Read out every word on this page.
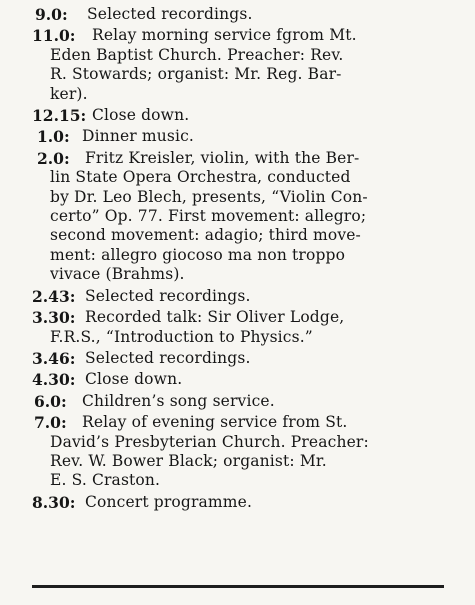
9.0: Selected recordings.
11.0: Relay morning service fgrom Mt.
Eden Baptist Church. Preacher: Rev.
R. Stowards; organist: Mr. Reg. Bar-
ker).
12.15: Close down.
1.0: Dinner music.
2.0: Fritz Kreisler, violin, with the Ber-
lin State Opera Orchestra, conducted
by Dr. Leo Blech, presents, “Violin Con-
certo” Op. 77. First movement: allegro;
second movement: adagio; third move-
ment: allegro giocoso ma non troppo
vivace (Brahms).
2.43: Selected recordings.
3.30: Recorded talk: Sir Oliver Lodge,
F.R.S., “Introduction to Physics.”
3.46: Selected recordings.
4.30: Close down.
6.0: Children’s song service.
7.0: Relay of evening service from St.
David’s Presbyterian Church. Preacher:
Rev. W. Bower Black; organist: Mr.
E. S. Craston.
8.30: Concert programme.
